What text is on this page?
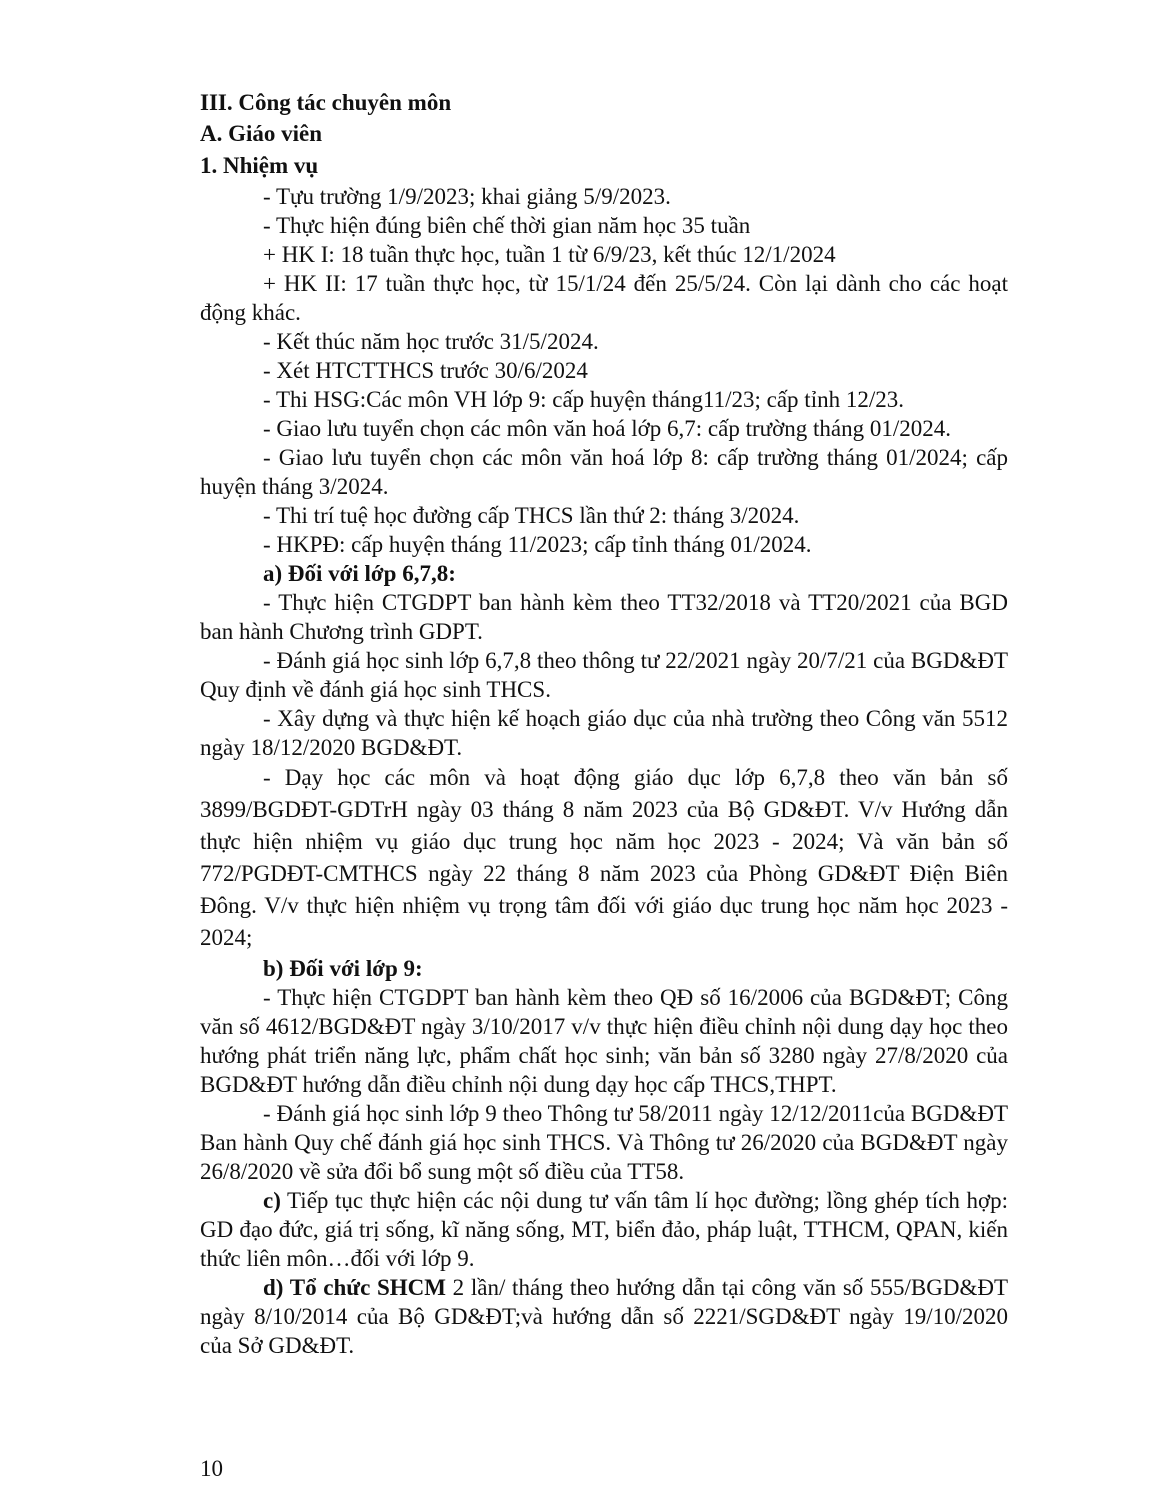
III. Công tác chuyên môn

A. Giáo viên

1. Nhiệm vụ

- Tựu trường 1/9/2023; khai giảng 5/9/2023.

- Thực hiện đúng biên chế thời gian năm học 35 tuần

+ HK I: 18 tuần thực học, tuần 1 từ 6/9/23, kết thúc 12/1/2024

+ HK II: 17 tuần thực học, từ 15/1/24 đến 25/5/24. Còn lại dành cho các hoạt động khác.

- Kết thúc năm học trước 31/5/2024.

- Xét HTCTTHCS trước 30/6/2024

- Thi HSG:Các môn VH lớp 9: cấp huyện tháng11/23; cấp tỉnh 12/23.

- Giao lưu tuyển chọn các môn văn hoá lớp 6,7: cấp trường tháng 01/2024.

- Giao lưu tuyển chọn các môn văn hoá lớp 8: cấp trường tháng 01/2024; cấp huyện tháng 3/2024.

- Thi trí tuệ học đường cấp THCS lần thứ 2: tháng 3/2024.

- HKPĐ: cấp huyện tháng 11/2023; cấp tỉnh tháng 01/2024.

a) Đối với lớp 6,7,8:

- Thực hiện CTGDPT ban hành kèm theo TT32/2018 và TT20/2021 của BGD ban hành Chương trình GDPT.

- Đánh giá học sinh lớp 6,7,8 theo thông tư 22/2021 ngày 20/7/21 của BGD&ĐT Quy định về đánh giá học sinh THCS.

- Xây dựng và thực hiện kế hoạch giáo dục của nhà trường theo Công văn 5512 ngày 18/12/2020 BGD&ĐT.

- Dạy học các môn và hoạt động giáo dục lớp 6,7,8 theo văn bản số 3899/BGDĐT-GDTrH ngày 03 tháng 8 năm 2023 của Bộ GD&ĐT. V/v Hướng dẫn thực hiện nhiệm vụ giáo dục trung học năm học 2023 - 2024; Và văn bản số 772/PGDĐT-CMTHCS ngày 22 tháng 8 năm 2023 của Phòng GD&ĐT Điện Biên Đông. V/v thực hiện nhiệm vụ trọng tâm đối với giáo dục trung học năm học 2023 - 2024;

b) Đối với lớp 9:

- Thực hiện CTGDPT ban hành kèm theo QĐ số 16/2006 của BGD&ĐT; Công văn số 4612/BGD&ĐT ngày 3/10/2017 v/v thực hiện điều chỉnh nội dung dạy học theo hướng phát triển năng lực, phẩm chất học sinh; văn bản số 3280 ngày 27/8/2020 của BGD&ĐT hướng dẫn điều chỉnh nội dung dạy học cấp THCS,THPT.

- Đánh giá học sinh lớp 9 theo Thông tư 58/2011 ngày 12/12/2011của BGD&ĐT Ban hành Quy chế đánh giá học sinh THCS. Và Thông tư 26/2020 của BGD&ĐT ngày 26/8/2020 về sửa đổi bổ sung một số điều của TT58.

c) Tiếp tục thực hiện các nội dung tư vấn tâm lí học đường; lồng ghép tích hợp: GD đạo đức, giá trị sống, kĩ năng sống, MT, biển đảo, pháp luật, TTHCM, QPAN, kiến thức liên môn…đối với lớp 9.

d) Tổ chức SHCM 2 lần/ tháng theo hướng dẫn tại công văn số 555/BGD&ĐT ngày 8/10/2014 của Bộ GD&ĐT;và hướng dẫn số 2221/SGD&ĐT ngày 19/10/2020 của Sở GD&ĐT.

10
